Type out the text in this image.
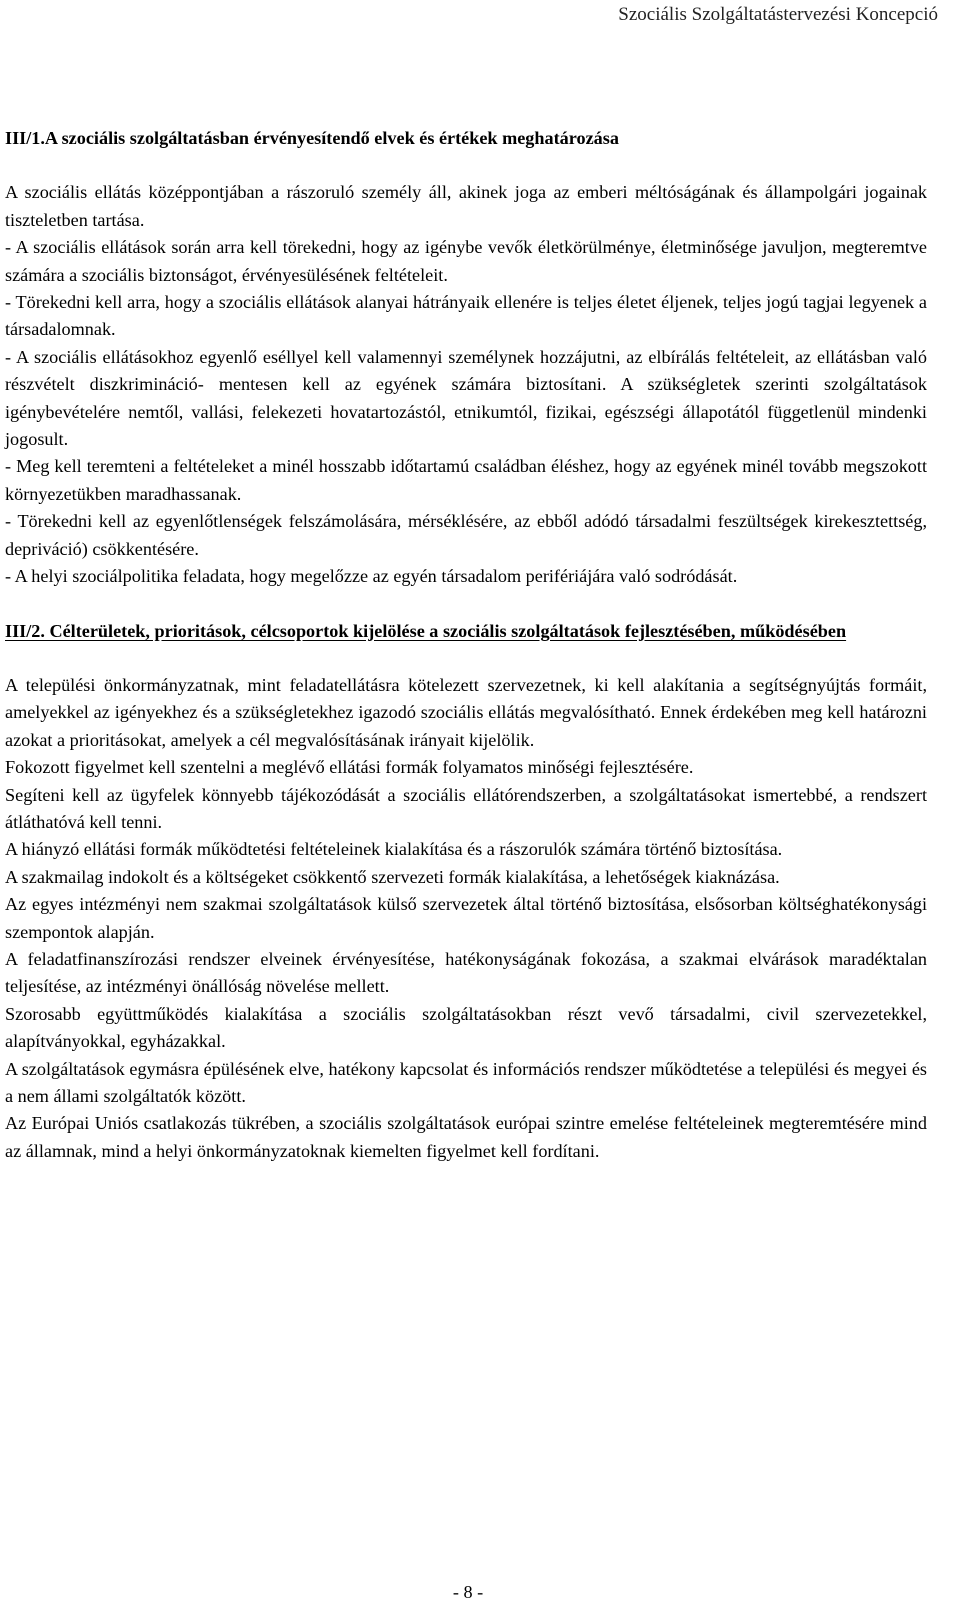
Szociális Szolgáltatástervezési Koncepció
III/1.A szociális szolgáltatásban érvényesítendő elvek és értékek meghatározása

A szociális ellátás középpontjában a rászoruló személy áll, akinek joga az emberi méltóságának és állampolgári jogainak tiszteletben tartása.

- A szociális ellátások során arra kell törekedni, hogy az igénybe vevők életkörülménye, életminősége javuljon, megteremtve számára a szociális biztonságot, érvényesülésének feltételeit.

- Törekedni kell arra, hogy a szociális ellátások alanyai hátrányaik ellenére is teljes életet éljenek, teljes jogú tagjai legyenek a társadalomnak.

- A szociális ellátásokhoz egyenlő eséllyel kell valamennyi személynek hozzájutni, az elbírálás feltételeit, az ellátásban való részvételt diszkrimináció- mentesen kell az egyének számára biztosítani. A szükségletek szerinti szolgáltatások igénybevételére nemtől, vallási, felekezeti hovatartozástól, etnikumtól, fizikai, egészségi állapotától függetlenül mindenki jogosult.

- Meg kell teremteni a feltételeket a minél hosszabb időtartamú családban éléshez, hogy az egyének minél tovább megszokott környezetükben maradhassanak.

- Törekedni kell az egyenlőtlenségek felszámolására, mérséklésére, az ebből adódó társadalmi feszültségek kirekesztettség, depriváció) csökkentésére.

- A helyi szociálpolitika feladata, hogy megelőzze az egyén társadalom perifériájára való sodródását.

III/2. Célterületek, prioritások, célcsoportok kijelölése a szociális szolgáltatások fejlesztésében, működésében

A települési önkormányzatnak, mint feladatellátásra kötelezett szervezetnek, ki kell alakítania a segítségnyújtás formáit, amelyekkel az igényekhez és a szükségletekhez igazodó szociális ellátás megvalósítható. Ennek érdekében meg kell határozni azokat a prioritásokat, amelyek a cél megvalósításának irányait kijelölik.

Fokozott figyelmet kell szentelni a meglévő ellátási formák folyamatos minőségi fejlesztésére.

Segíteni kell az ügyfelek könnyebb tájékozódását a szociális ellátórendszerben, a szolgáltatásokat ismertebbé, a rendszert átláthatóvá kell tenni.

A hiányzó ellátási formák működtetési feltételeinek kialakítása és a rászorulók számára történő biztosítása.

A szakmailag indokolt és a költségeket csökkentő szervezeti formák kialakítása, a lehetőségek kiaknázása.

Az egyes intézményi nem szakmai szolgáltatások külső szervezetek által történő biztosítása, elsősorban költséghatékonysági szempontok alapján.

A feladatfinanszírozási rendszer elveinek érvényesítése, hatékonyságának fokozása, a szakmai elvárások maradéktalan teljesítése, az intézményi önállóság növelése mellett.

Szorosabb együttműködés kialakítása a szociális szolgáltatásokban részt vevő társadalmi, civil szervezetekkel, alapítványokkal, egyházakkal.

A szolgáltatások egymásra épülésének elve, hatékony kapcsolat és információs rendszer működtetése a települési és megyei és a nem állami szolgáltatók között.

Az Európai Uniós csatlakozás tükrében, a szociális szolgáltatások európai szintre emelése feltételeinek megteremtésére mind az államnak, mind a helyi önkormányzatoknak kiemelten figyelmet kell fordítani.

- 8 -
